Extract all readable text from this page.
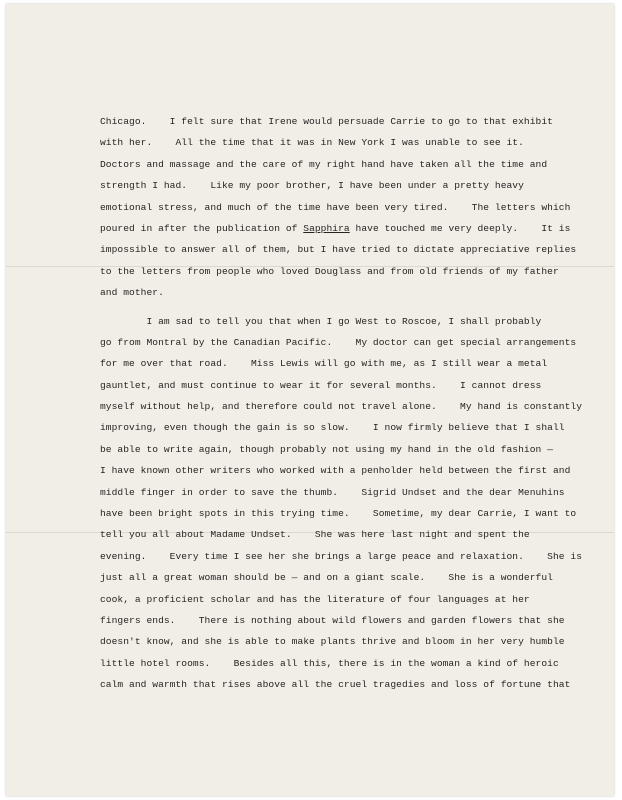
Chicago.    I felt sure that Irene would persuade Carrie to go to that exhibit
with her.    All the time that it was in New York I was unable to see it.
Doctors and massage and the care of my right hand have taken all the time and
strength I had.    Like my poor brother, I have been under a pretty heavy
emotional stress, and much of the time have been very tired.    The letters which
poured in after the publication of Sapphira have touched me very deeply.    It is
impossible to answer all of them, but I have tried to dictate appreciative replies
to the letters from people who loved Douglass and from old friends of my father
and mother.
I am sad to tell you that when I go West to Roscoe, I shall probably
go from Montral by the Canadian Pacific.    My doctor can get special arrangements
for me over that road.    Miss Lewis will go with me, as I still wear a metal
gauntlet, and must continue to wear it for several months.    I cannot dress
myself without help, and therefore could not travel alone.    My hand is constantly
improving, even though the gain is so slow.    I now firmly believe that I shall
be able to write again, though probably not using my hand in the old fashion —
I have known other writers who worked with a penholder held between the first and
middle finger in order to save the thumb.    Sigrid Undset and the dear Menuhins
have been bright spots in this trying time.    Sometime, my dear Carrie, I want to
tell you all about Madame Undset.    She was here last night and spent the
evening.    Every time I see her she brings a large peace and relaxation.    She is
just all a great woman should be — and on a giant scale.    She is a wonderful
cook, a proficient scholar and has the literature of four languages at her
fingers ends.    There is nothing about wild flowers and garden flowers that she
doesn't know, and she is able to make plants thrive and bloom in her very humble
little hotel rooms.    Besides all this, there is in the woman a kind of heroic
calm and warmth that rises above all the cruel tragedies and loss of fortune that
